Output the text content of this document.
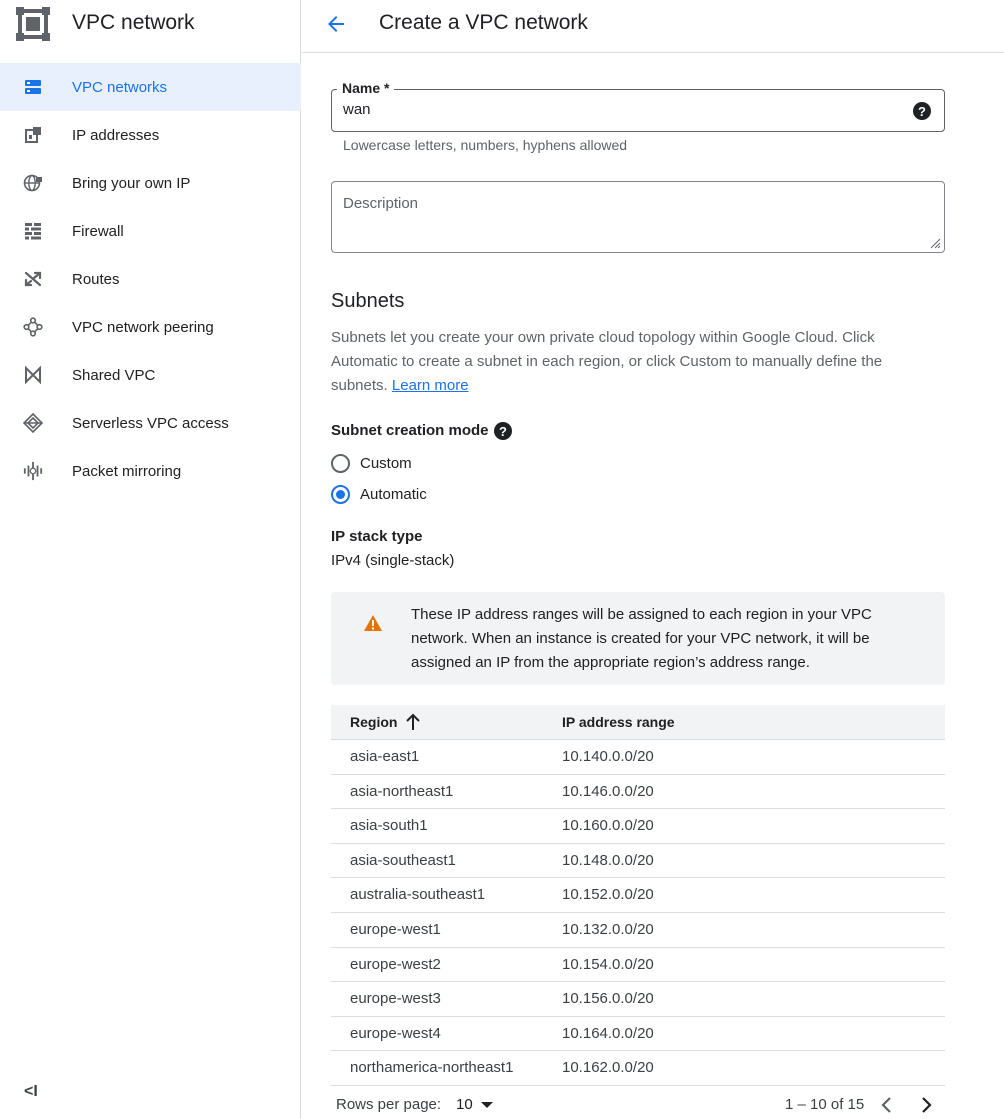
VPC network
VPC networks
IP addresses
Bring your own IP
Firewall
Routes
VPC network peering
Shared VPC
Serverless VPC access
Packet mirroring
<I
Create a VPC network
Name *
wan	?
Lowercase letters, numbers, hyphens allowed
Description
Subnets
Subnets let you create your own private cloud topology within Google Cloud. Click Automatic to create a subnet in each region, or click Custom to manually define the subnets. Learn more
Subnet creation mode ?
Custom
Automatic
IP stack type
IPv4 (single-stack)
These IP address ranges will be assigned to each region in your VPC network. When an instance is created for your VPC network, it will be assigned an IP from the appropriate region’s address range.
Region	IP address range
asia-east1	10.140.0.0/20
asia-northeast1	10.146.0.0/20
asia-south1	10.160.0.0/20
asia-southeast1	10.148.0.0/20
australia-southeast1	10.152.0.0/20
europe-west1	10.132.0.0/20
europe-west2	10.154.0.0/20
europe-west3	10.156.0.0/20
europe-west4	10.164.0.0/20
northamerica-northeast1	10.162.0.0/20
Rows per page: 10	1 – 10 of 15
